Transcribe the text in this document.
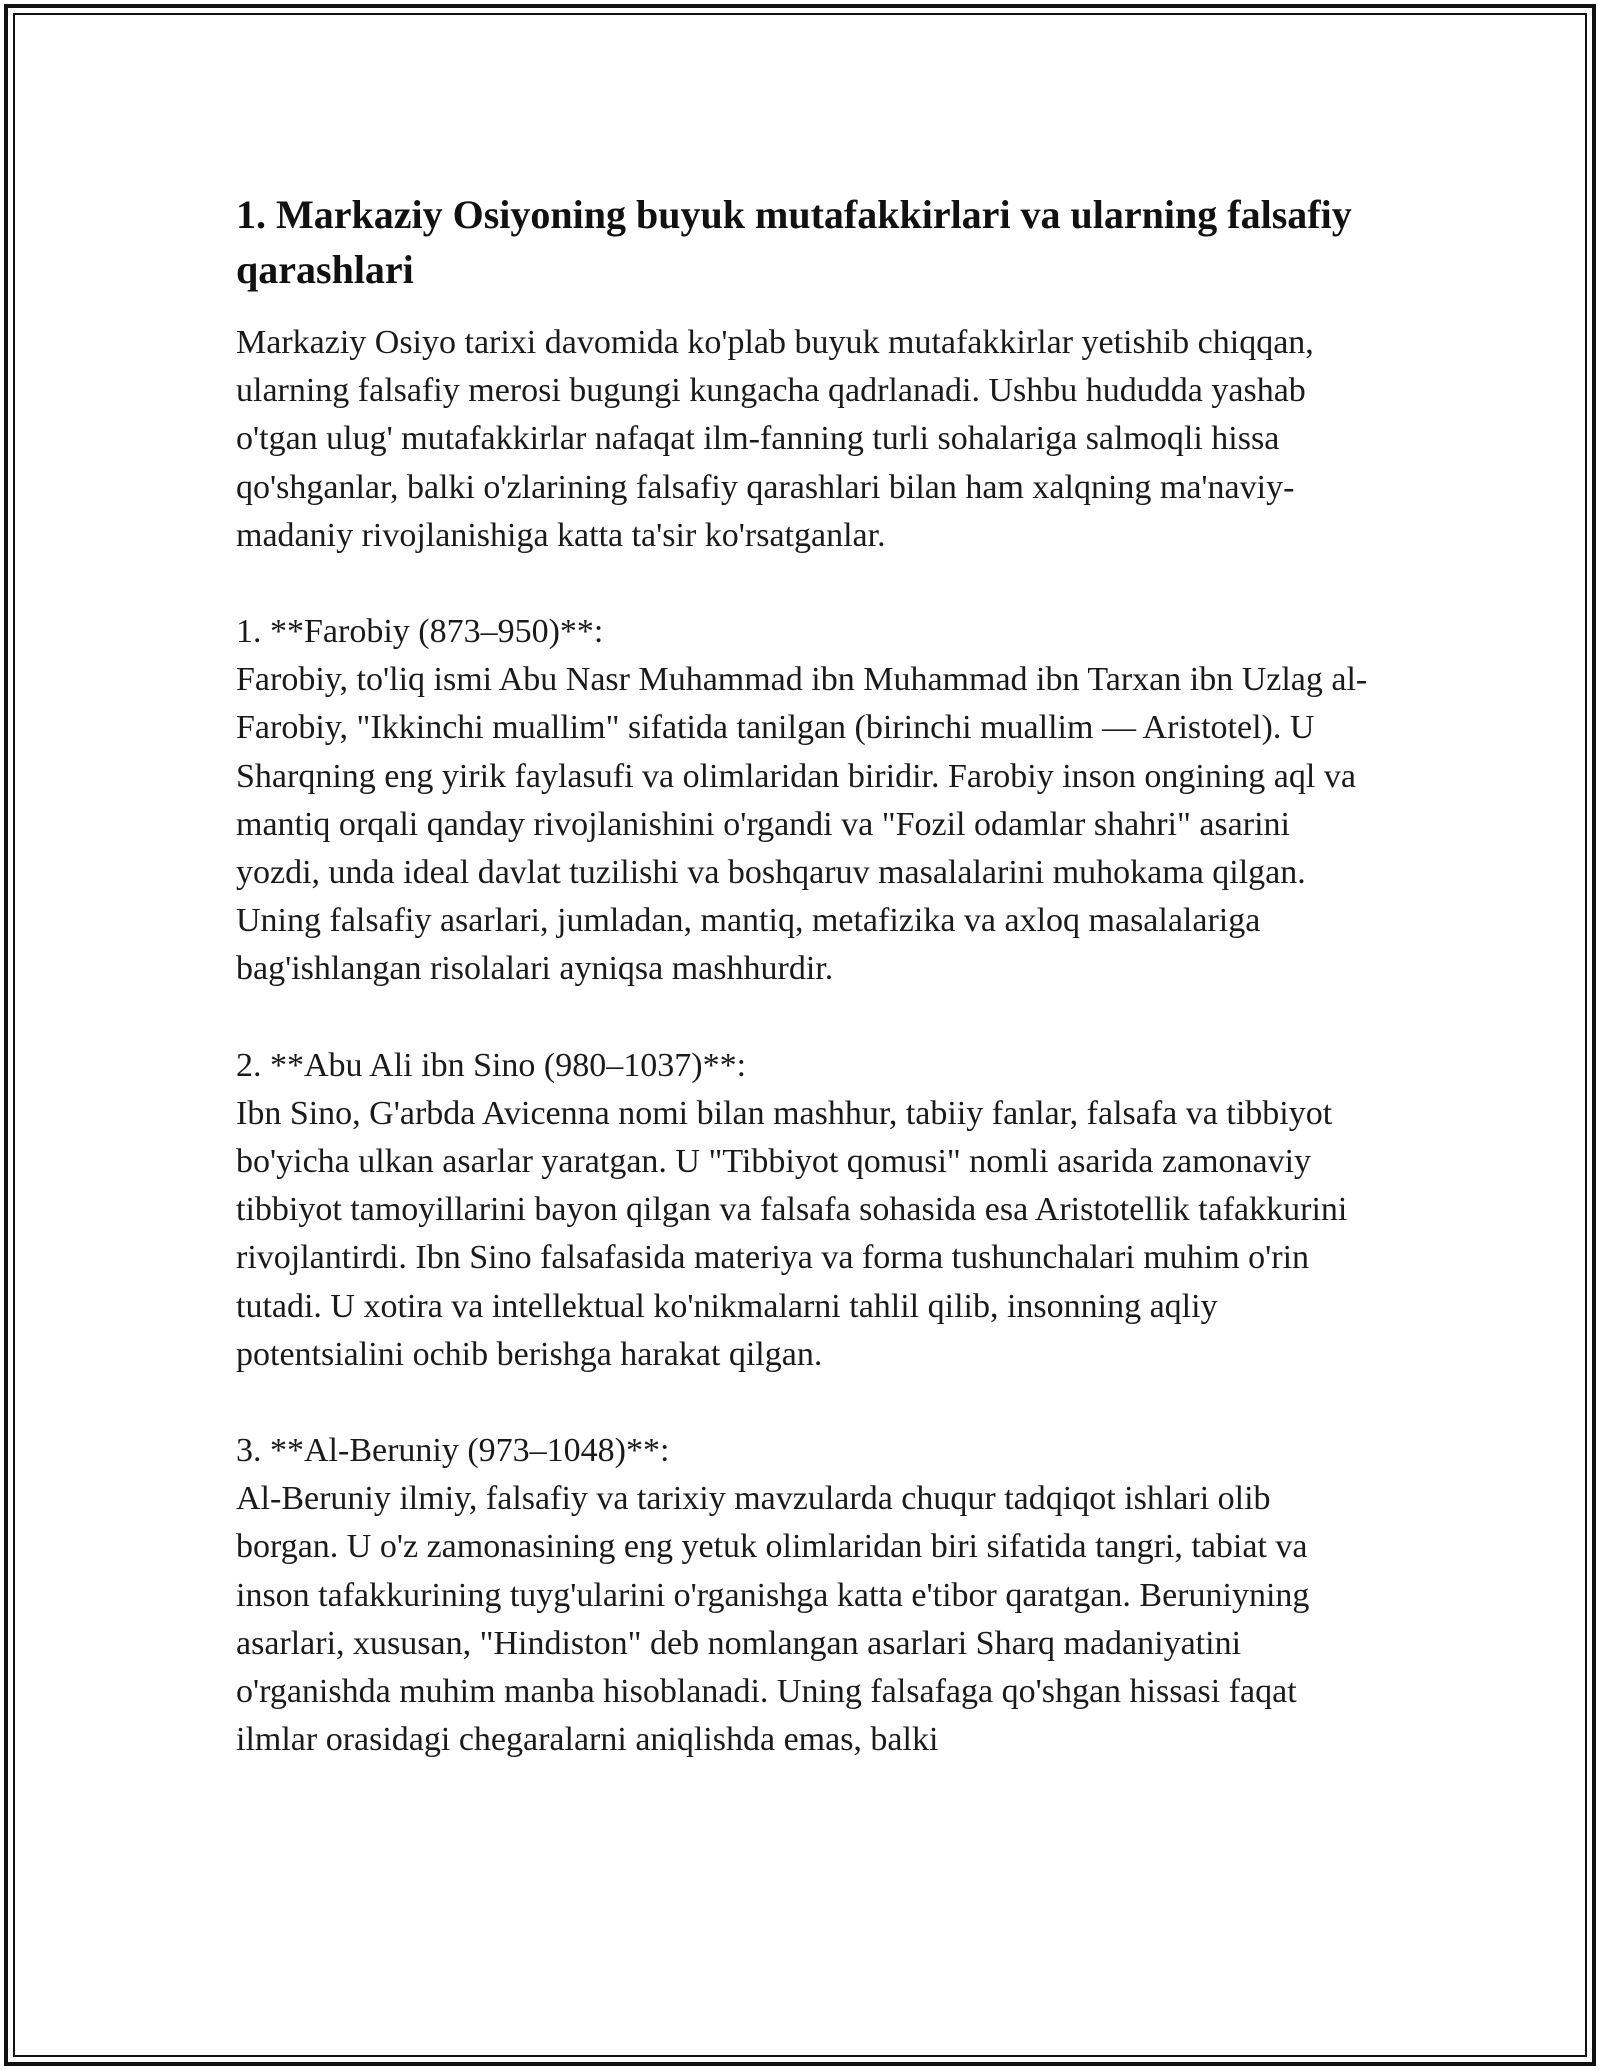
1. Markaziy Osiyoning buyuk mutafakkirlari va ularning falsafiy qarashlari

Markaziy Osiyo tarixi davomida ko'plab buyuk mutafakkirlar yetishib chiqqan, ularning falsafiy merosi bugungi kungacha qadrlanadi. Ushbu hududda yashab o'tgan ulug' mutafakkirlar nafaqat ilm-fanning turli sohalariga salmoqli hissa qo'shganlar, balki o'zlarining falsafiy qarashlari bilan ham xalqning ma'naviy-madaniy rivojlanishiga katta ta'sir ko'rsatganlar.

1. **Farobiy (873–950)**:

Farobiy, to'liq ismi Abu Nasr Muhammad ibn Muhammad ibn Tarxan ibn Uzlag al-Farobiy, "Ikkinchi muallim" sifatida tanilgan (birinchi muallim — Aristotel). U Sharqning eng yirik faylasufi va olimlaridan biridir. Farobiy inson ongining aql va mantiq orqali qanday rivojlanishini o'rgandi va "Fozil odamlar shahri" asarini yozdi, unda ideal davlat tuzilishi va boshqaruv masalalarini muhokama qilgan. Uning falsafiy asarlari, jumladan, mantiq, metafizika va axloq masalalariga bag'ishlangan risolalari ayniqsa mashhurdir.

2. **Abu Ali ibn Sino (980–1037)**:

Ibn Sino, G'arbda Avicenna nomi bilan mashhur, tabiiy fanlar, falsafa va tibbiyot bo'yicha ulkan asarlar yaratgan. U "Tibbiyot qomusi" nomli asarida zamonaviy tibbiyot tamoyillarini bayon qilgan va falsafa sohasida esa Aristotellik tafakkurini rivojlantirdi. Ibn Sino falsafasida materiya va forma tushunchalari muhim o'rin tutadi. U xotira va intellektual ko'nikmalarni tahlil qilib, insonning aqliy potentsialini ochib berishga harakat qilgan.

3. **Al-Beruniy (973–1048)**:

Al-Beruniy ilmiy, falsafiy va tarixiy mavzularda chuqur tadqiqot ishlari olib borgan. U o'z zamonasining eng yetuk olimlaridan biri sifatida tangri, tabiat va inson tafakkurining tuyg'ularini o'rganishga katta e'tibor qaratgan. Beruniyning asarlari, xususan, "Hindiston" deb nomlangan asarlari Sharq madaniyatini o'rganishda muhim manba hisoblanadi. Uning falsafaga qo'shgan hissasi faqat ilmlar orasidagi chegaralarni aniqlishda emas, balki
